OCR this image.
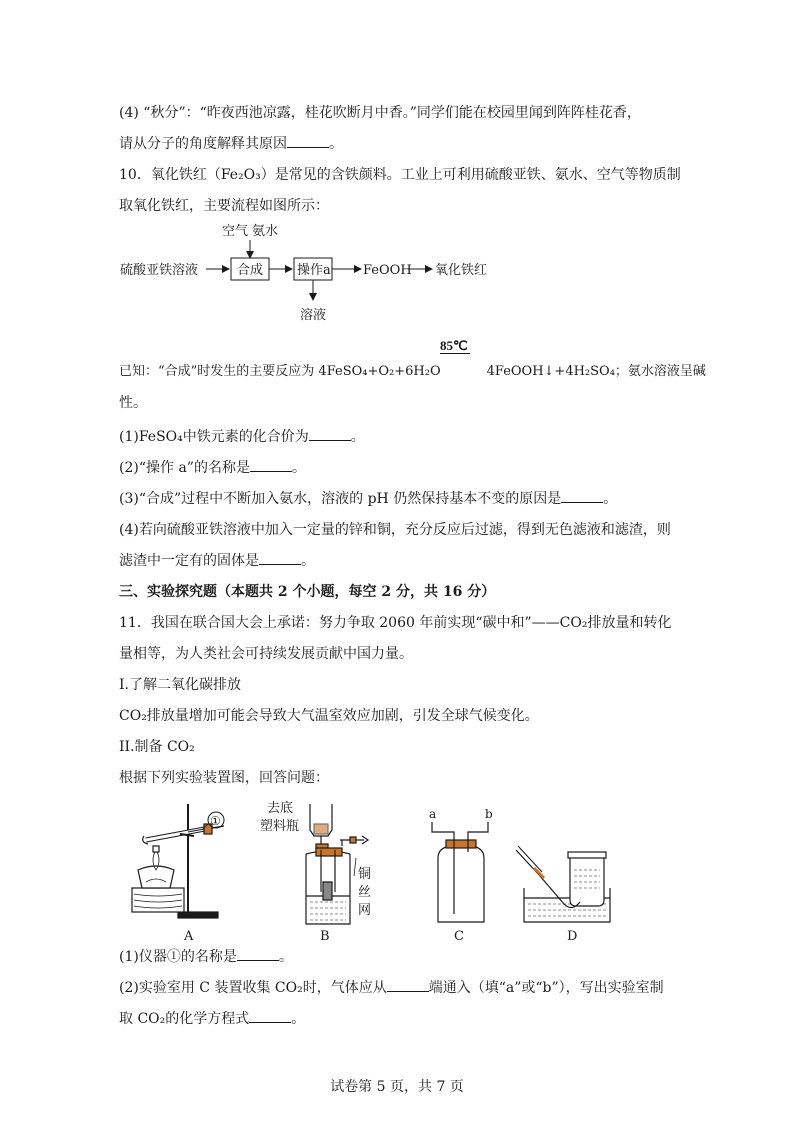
(4) “秋分”：“昨夜西池凉露，桂花吹断月中香。”同学们能在校园里闻到阵阵桂花香，
请从分子的角度解释其原因	。
10．氧化铁红（Fe₂O₃）是常见的含铁颜料。工业上可利用硫酸亚铁、氨水、空气等物质制
取氧化铁红，主要流程如图所示：
空气 氨水
硫酸亚铁溶液	合成	操作a FeOOH 氧化铁红
溶液
85℃
已知：“合成”时发生的主要反应为 4FeSO₄+O₂+6H₂O	4FeOOH↓+4H₂SO₄；氨水溶液呈碱
性。
(1)FeSO₄中铁元素的化合价为	。
(2)“操作 a”的名称是	。
(3)“合成”过程中不断加入氨水，溶液的 pH 仍然保持基本不变的原因是	。
(4)若向硫酸亚铁溶液中加入一定量的锌和铜，充分反应后过滤，得到无色滤液和滤渣，则
滤渣中一定有的固体是	。
三、实验探究题（本题共 2 个小题，每空 2 分，共 16 分）
11．我国在联合国大会上承诺：努力争取 2060 年前实现“碳中和”——CO₂排放量和转化
量相等，为人类社会可持续发展贡献中国力量。
I.了解二氧化碳排放
CO₂排放量增加可能会导致大气温室效应加剧，引发全球气候变化。
II.制备 CO₂
根据下列实验装置图，回答问题：
①
去底
塑料瓶
铜
丝
网
a	b
A	B	C	D
(1)仪器①的名称是	。
(2)实验室用 C 装置收集 CO₂时，气体应从	端通入（填“a”或“b”），写出实验室制
取 CO₂的化学方程式	。
试卷第 5 页，共 7 页
